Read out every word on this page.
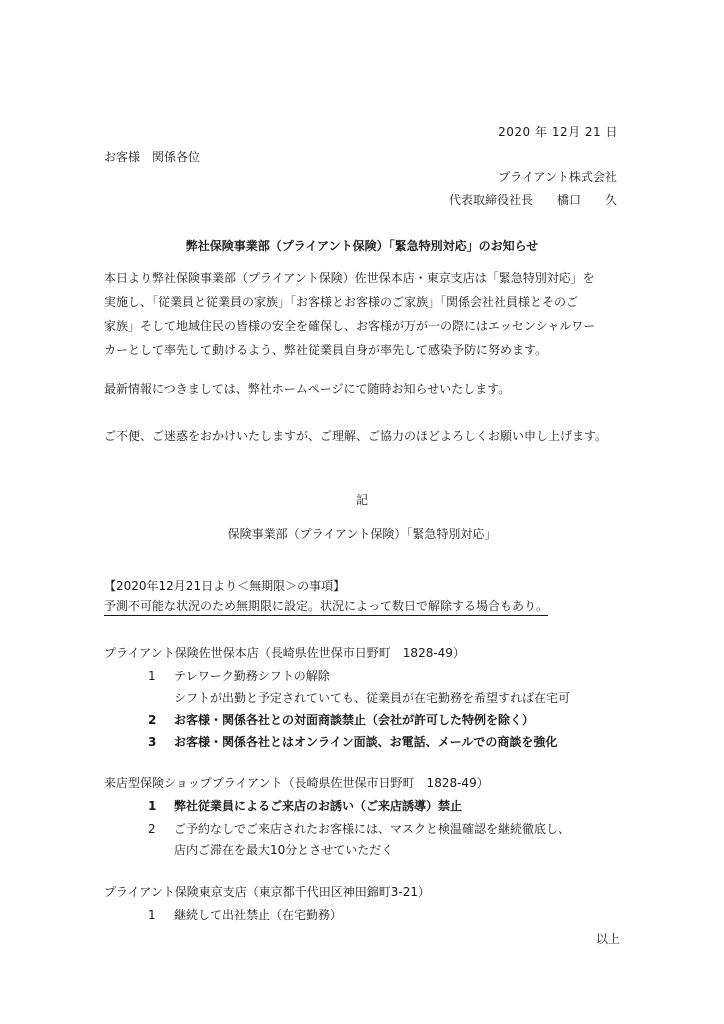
2020 年 12月 21 日
お客様　関係各位
プライアント株式会社
代表取締役社長　　橋口　　久
弊社保険事業部（プライアント保険）「緊急特別対応」のお知らせ
本日より弊社保険事業部（プライアント保険）佐世保本店・東京支店は「緊急特別対応」を
実施し、「従業員と従業員の家族」「お客様とお客様のご家族」「関係会社社員様とそのご
家族」そして地域住民の皆様の安全を確保し、お客様が万が一の際にはエッセンシャルワー
カーとして率先して動けるよう、弊社従業員自身が率先して感染予防に努めます。
最新情報につきましては、弊社ホームページにて随時お知らせいたします。
ご不便、ご迷惑をおかけいたしますが、ご理解、ご協力のほどよろしくお願い申し上げます。
記
保険事業部（プライアント保険）「緊急特別対応」
【2020年12月21日より＜無期限＞の事項】
予測不可能な状況のため無期限に設定。状況によって数日で解除する場合もあり。
プライアント保険佐世保本店（長崎県佐世保市日野町　1828-49）
1 テレワーク勤務シフトの解除
シフトが出勤と予定されていても、従業員が在宅勤務を希望すれば在宅可
2 お客様・関係各社との対面商談禁止（会社が許可した特例を除く）
3 お客様・関係各社とはオンライン面談、お電話、メールでの商談を強化
来店型保険ショッププライアント（長崎県佐世保市日野町　1828-49）
1 弊社従業員によるご来店のお誘い（ご来店誘導）禁止
2 ご予約なしでご来店されたお客様には、マスクと検温確認を継続徹底し、
店内ご滞在を最大10分とさせていただく
プライアント保険東京支店（東京都千代田区神田錦町3-21）
1 継続して出社禁止（在宅勤務）
以上
